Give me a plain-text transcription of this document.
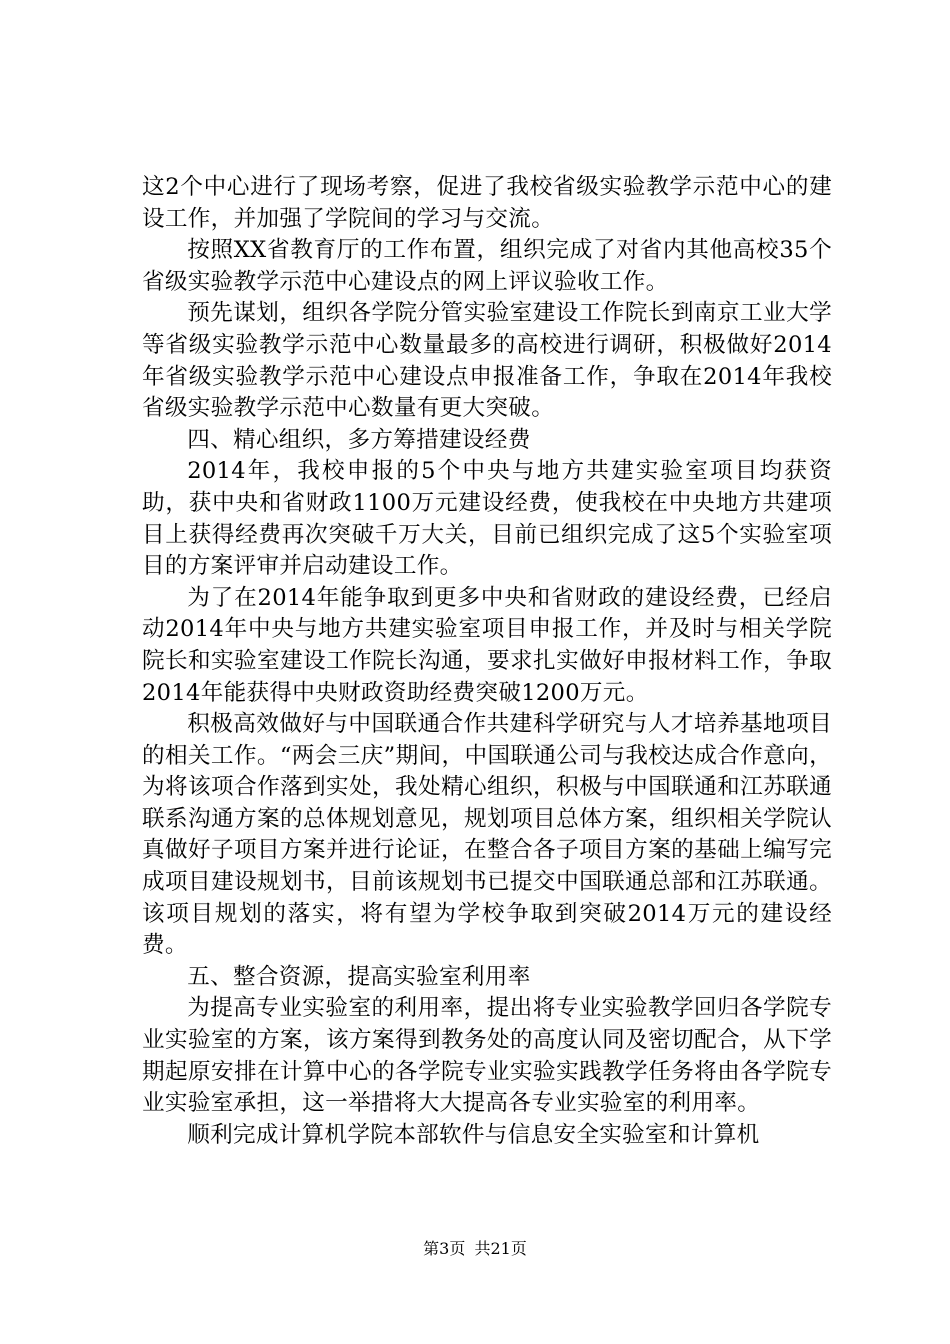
这2个中心进行了现场考察，促进了我校省级实验教学示范中心的建设工作，并加强了学院间的学习与交流。

按照XX省教育厅的工作布置，组织完成了对省内其他高校35个省级实验教学示范中心建设点的网上评议验收工作。

预先谋划，组织各学院分管实验室建设工作院长到南京工业大学等省级实验教学示范中心数量最多的高校进行调研，积极做好2014年省级实验教学示范中心建设点申报准备工作，争取在2014年我校省级实验教学示范中心数量有更大突破。

四、精心组织，多方筹措建设经费

2014年，我校申报的5个中央与地方共建实验室项目均获资助，获中央和省财政1100万元建设经费，使我校在中央地方共建项目上获得经费再次突破千万大关，目前已组织完成了这5个实验室项目的方案评审并启动建设工作。

为了在2014年能争取到更多中央和省财政的建设经费，已经启动2014年中央与地方共建实验室项目申报工作，并及时与相关学院院长和实验室建设工作院长沟通，要求扎实做好申报材料工作，争取2014年能获得中央财政资助经费突破1200万元。

积极高效做好与中国联通合作共建科学研究与人才培养基地项目的相关工作。“两会三庆”期间，中国联通公司与我校达成合作意向，为将该项合作落到实处，我处精心组织，积极与中国联通和江苏联通联系沟通方案的总体规划意见，规划项目总体方案，组织相关学院认真做好子项目方案并进行论证，在整合各子项目方案的基础上编写完成项目建设规划书，目前该规划书已提交中国联通总部和江苏联通。该项目规划的落实，将有望为学校争取到突破2014万元的建设经费。

五、整合资源，提高实验室利用率

为提高专业实验室的利用率，提出将专业实验教学回归各学院专业实验室的方案，该方案得到教务处的高度认同及密切配合，从下学期起原安排在计算中心的各学院专业实验实践教学任务将由各学院专业实验室承担，这一举措将大大提高各专业实验室的利用率。

顺利完成计算机学院本部软件与信息安全实验室和计算机

第3页 共21页
